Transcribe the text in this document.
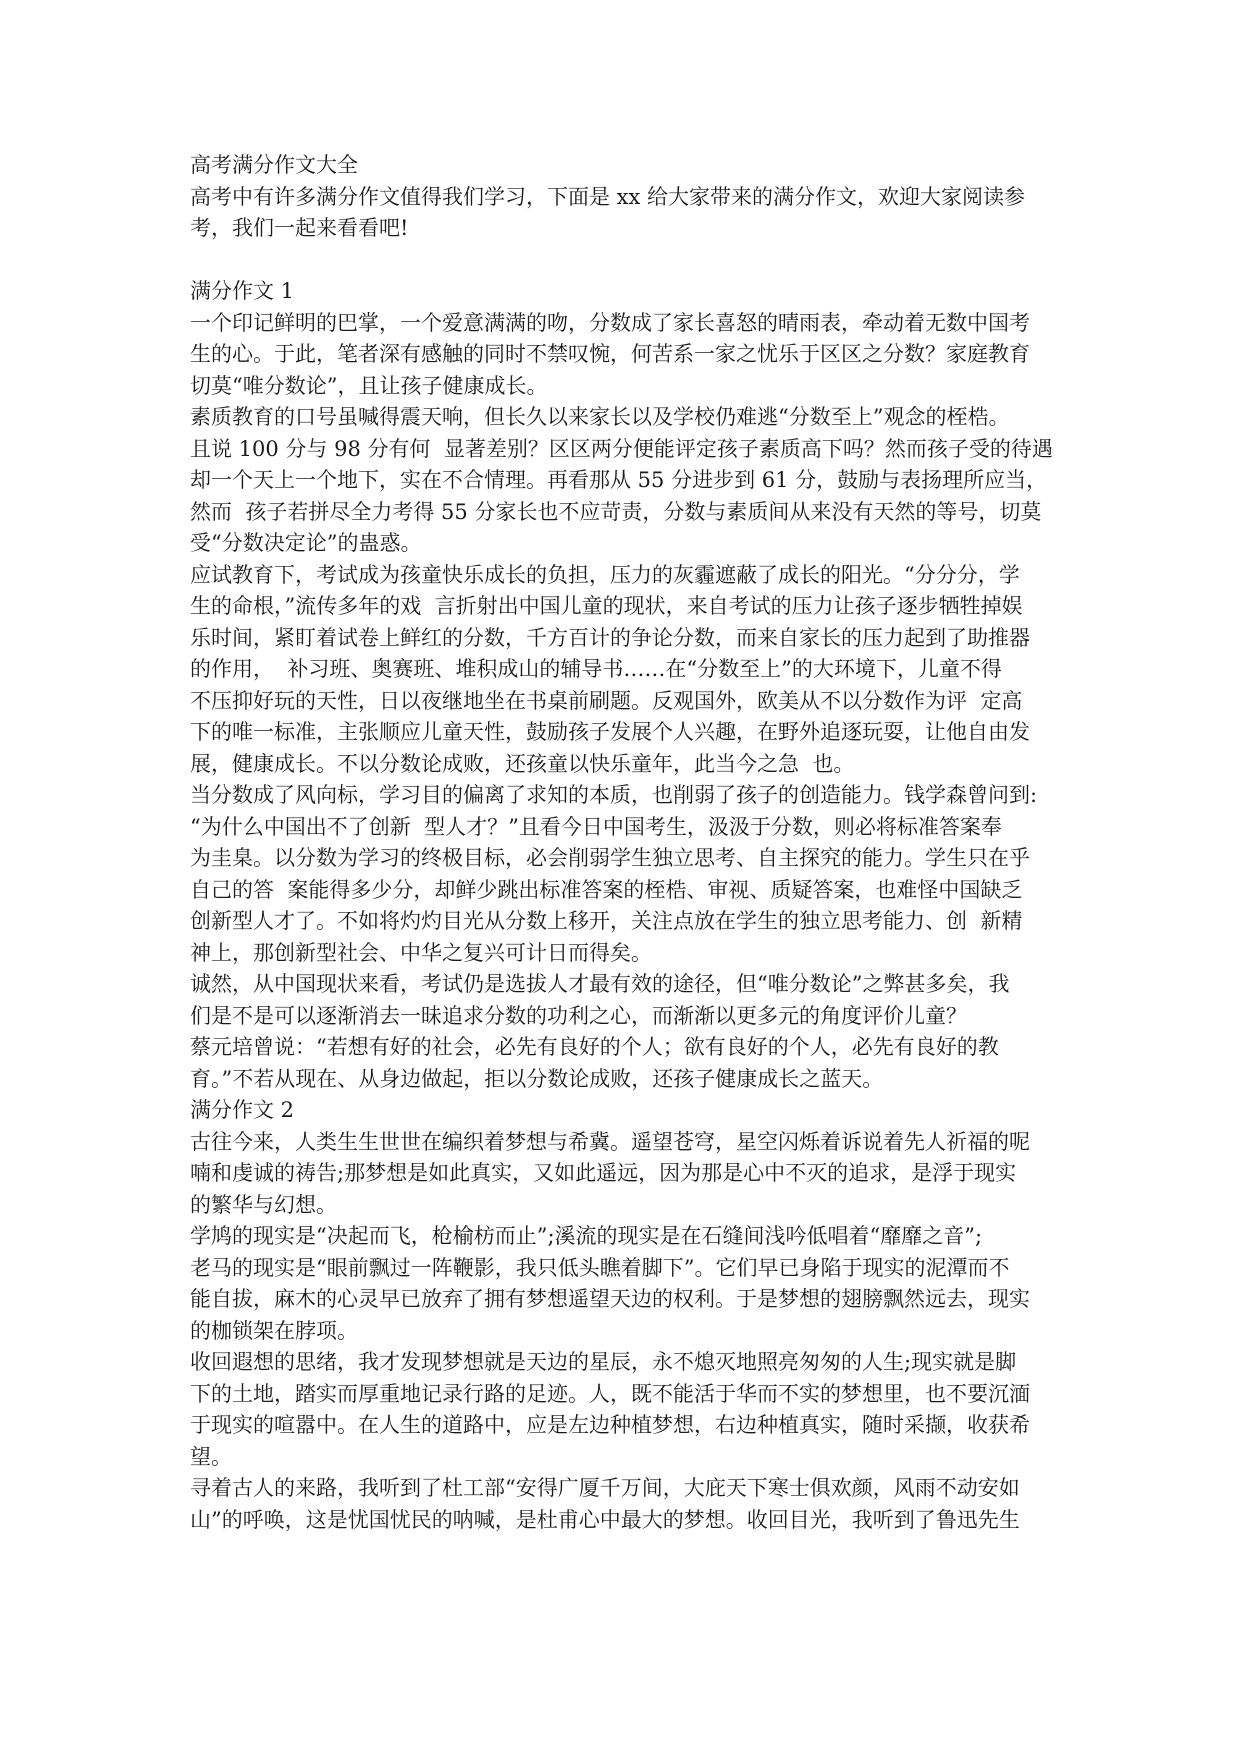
高考满分作文大全

高考中有许多满分作文值得我们学习，下面是 xx 给大家带来的满分作文，欢迎大家阅读参

考，我们一起来看看吧!

满分作文 1

一个印记鲜明的巴掌，一个爱意满满的吻，分数成了家长喜怒的晴雨表，牵动着无数中国考

生的心。于此，笔者深有感触的同时不禁叹惋，何苦系一家之忧乐于区区之分数？家庭教育

切莫“唯分数论”，且让孩子健康成长。

素质教育的口号虽喊得震天响，但长久以来家长以及学校仍难逃“分数至上”观念的桎梏。

且说 100 分与 98 分有何  显著差别？区区两分便能评定孩子素质高下吗？然而孩子受的待遇

却一个天上一个地下，实在不合情理。再看那从 55 分进步到 61 分，鼓励与表扬理所应当，

然而  孩子若拼尽全力考得 55 分家长也不应苛责，分数与素质间从来没有天然的等号，切莫

受“分数决定论”的蛊惑。

应试教育下，考试成为孩童快乐成长的负担，压力的灰霾遮蔽了成长的阳光。“分分分，学

生的命根，”流传多年的戏  言折射出中国儿童的现状，来自考试的压力让孩子逐步牺牲掉娱

乐时间，紧盯着试卷上鲜红的分数，千方百计的争论分数，而来自家长的压力起到了助推器

的作用，  补习班、奥赛班、堆积成山的辅导书……在“分数至上”的大环境下，儿童不得

不压抑好玩的天性，日以夜继地坐在书桌前刷题。反观国外，欧美从不以分数作为评  定高

下的唯一标准，主张顺应儿童天性，鼓励孩子发展个人兴趣，在野外追逐玩耍，让他自由发

展，健康成长。不以分数论成败，还孩童以快乐童年，此当今之急  也。

当分数成了风向标，学习目的偏离了求知的本质，也削弱了孩子的创造能力。钱学森曾问到:

“为什么中国出不了创新  型人才？”且看今日中国考生，汲汲于分数，则必将标准答案奉

为圭臬。以分数为学习的终极目标，必会削弱学生独立思考、自主探究的能力。学生只在乎

自己的答  案能得多少分，却鲜少跳出标准答案的桎梏、审视、质疑答案，也难怪中国缺乏

创新型人才了。不如将灼灼目光从分数上移开，关注点放在学生的独立思考能力、创  新精

神上，那创新型社会、中华之复兴可计日而得矣。

诚然，从中国现状来看，考试仍是选拔人才最有效的途径，但“唯分数论”之弊甚多矣，我

们是不是可以逐渐消去一昧追求分数的功利之心，而渐渐以更多元的角度评价儿童？

蔡元培曾说：“若想有好的社会，必先有良好的个人；欲有良好的个人，必先有良好的教

育。”不若从现在、从身边做起，拒以分数论成败，还孩子健康成长之蓝天。

满分作文 2

古往今来，人类生生世世在编织着梦想与希冀。遥望苍穹，星空闪烁着诉说着先人祈福的呢

喃和虔诚的祷告;那梦想是如此真实，又如此遥远，因为那是心中不灭的追求，是浮于现实

的繁华与幻想。

学鸠的现实是“决起而飞，枪榆枋而止”;溪流的现实是在石缝间浅吟低唱着“靡靡之音”;

老马的现实是“眼前飘过一阵鞭影，我只低头瞧着脚下”。它们早已身陷于现实的泥潭而不

能自拔，麻木的心灵早已放弃了拥有梦想遥望天边的权利。于是梦想的翅膀飘然远去，现实

的枷锁架在脖项。

收回遐想的思绪，我才发现梦想就是天边的星辰，永不熄灭地照亮匆匆的人生;现实就是脚

下的土地，踏实而厚重地记录行路的足迹。人，既不能活于华而不实的梦想里，也不要沉湎

于现实的喧嚣中。在人生的道路中，应是左边种植梦想，右边种植真实，随时采撷，收获希

望。

寻着古人的来路，我听到了杜工部“安得广厦千万间，大庇天下寒士俱欢颜，风雨不动安如

山”的呼唤，这是忧国忧民的呐喊，是杜甫心中最大的梦想。收回目光，我听到了鲁迅先生
